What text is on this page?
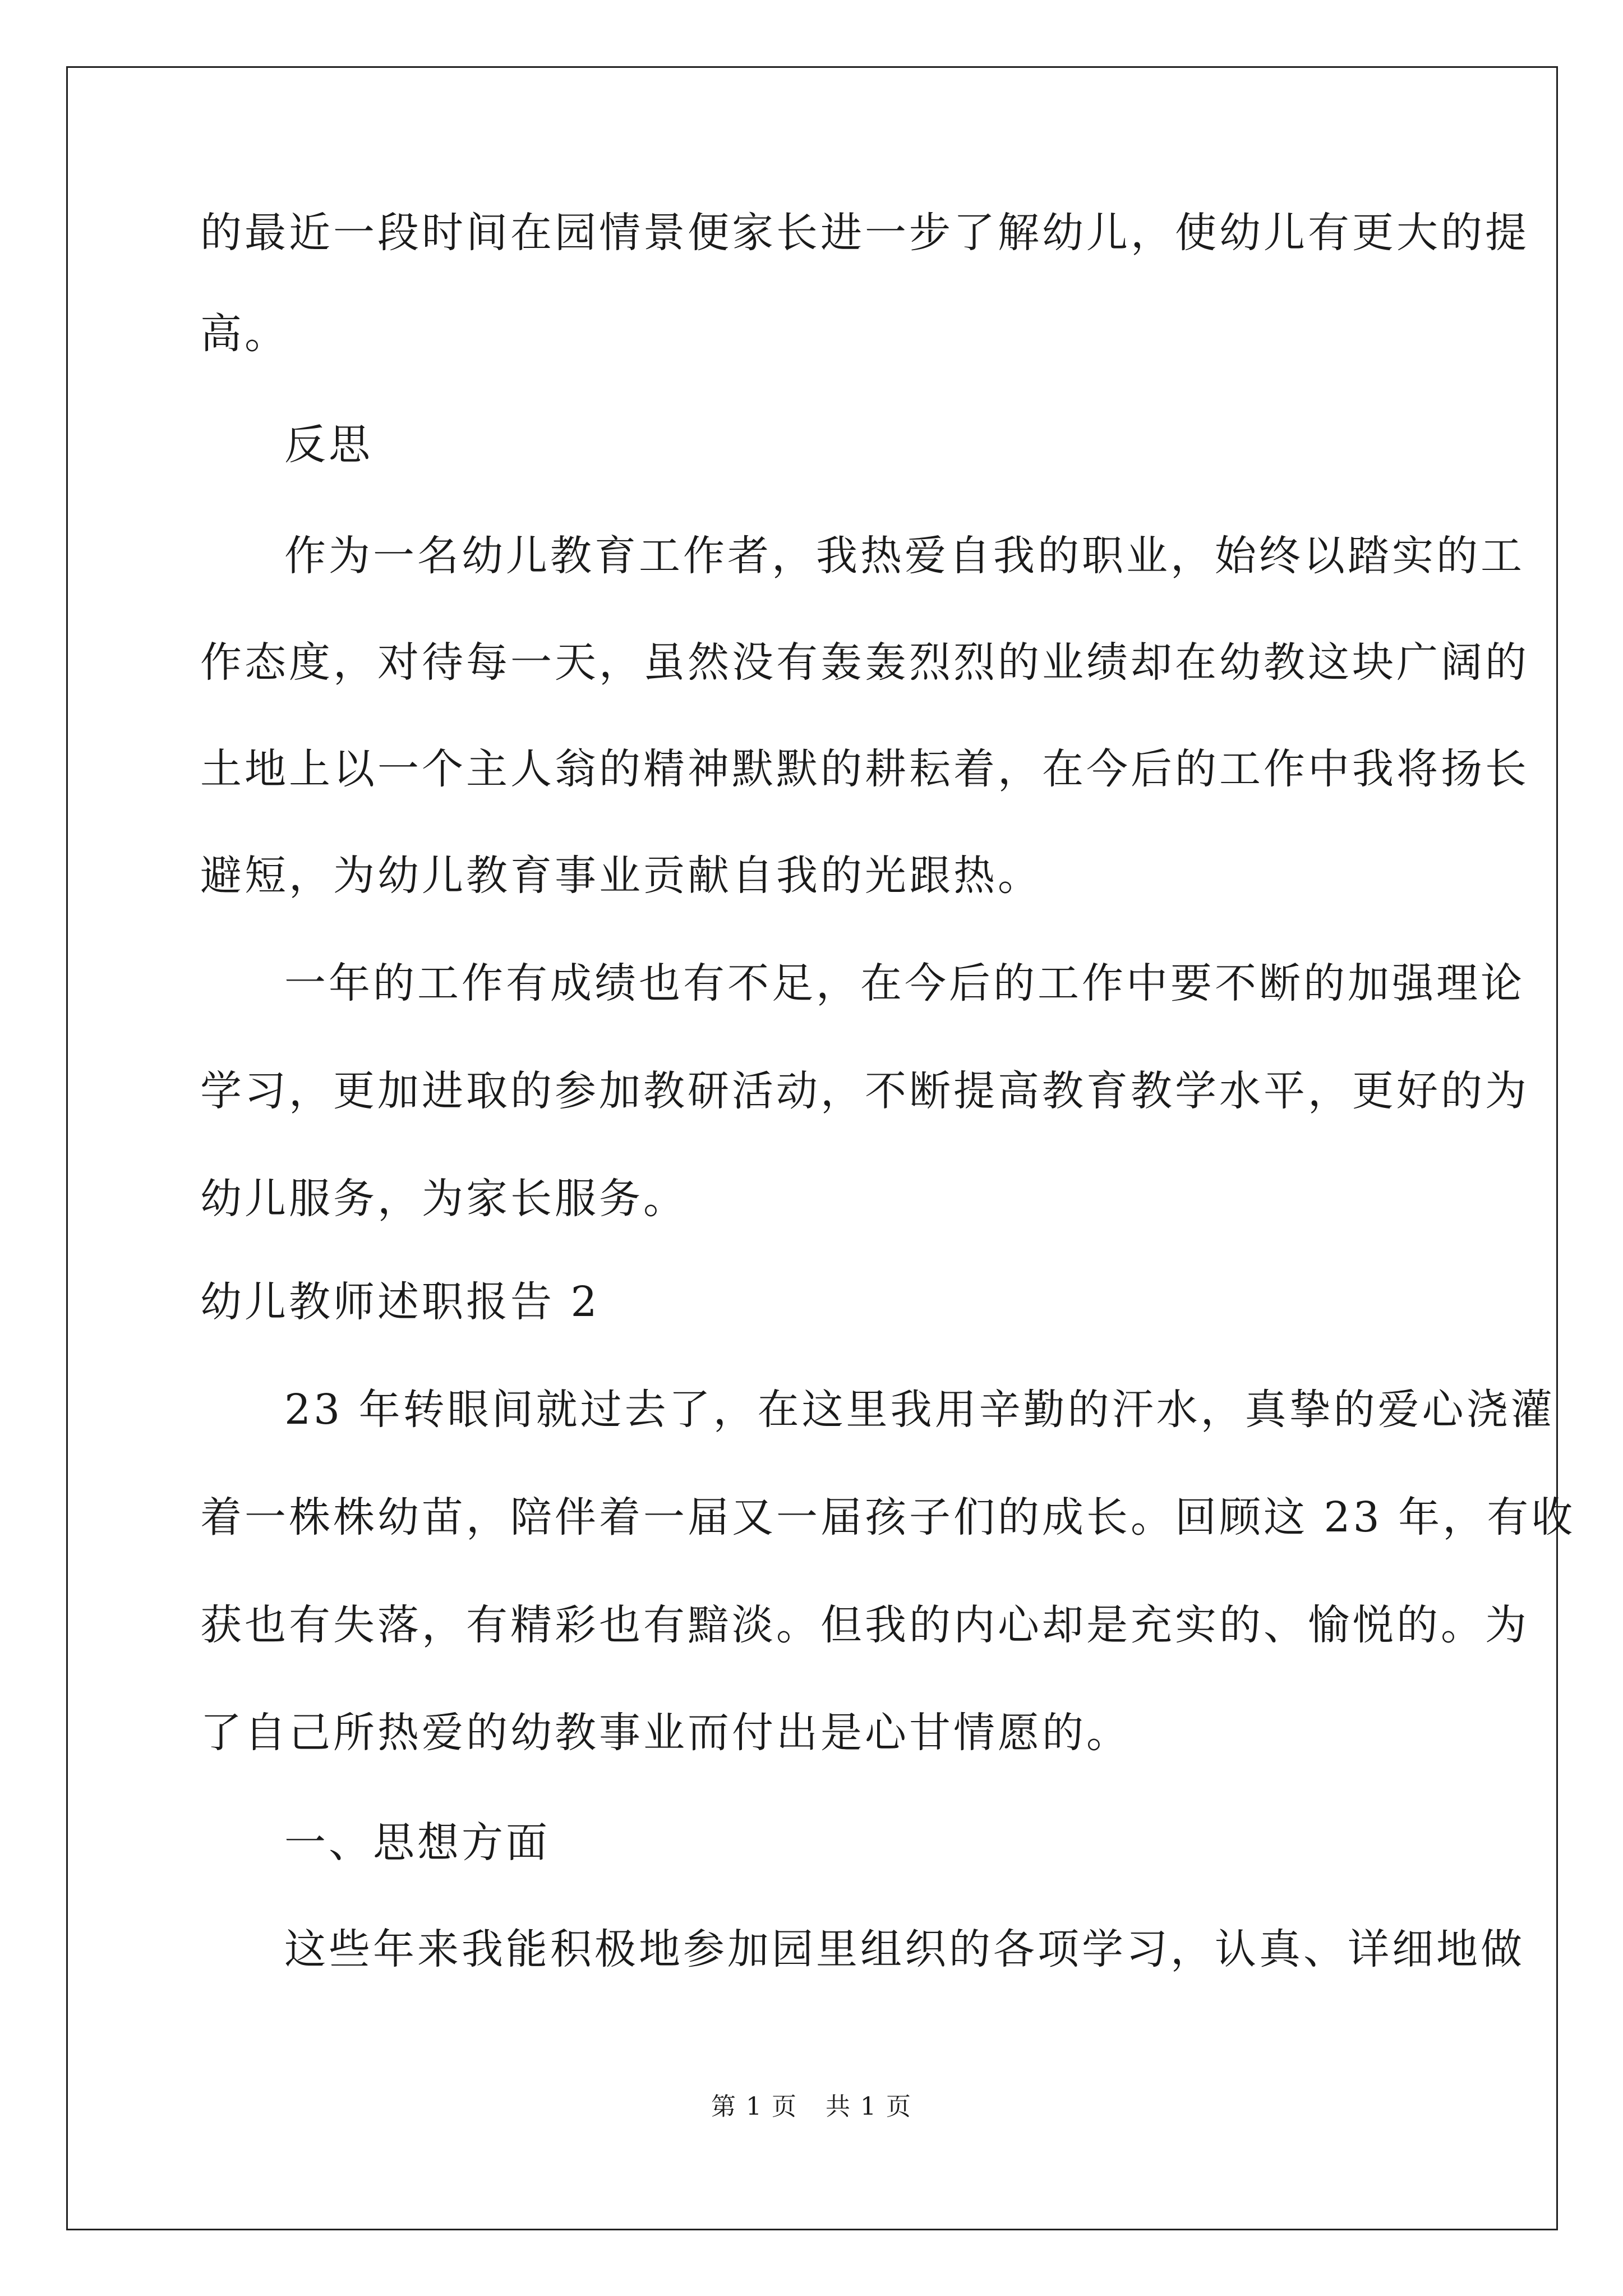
的最近一段时间在园情景便家长进一步了解幼儿，使幼儿有更大的提
高。
反思
作为一名幼儿教育工作者，我热爱自我的职业，始终以踏实的工
作态度，对待每一天，虽然没有轰轰烈烈的业绩却在幼教这块广阔的
土地上以一个主人翁的精神默默的耕耘着，在今后的工作中我将扬长
避短，为幼儿教育事业贡献自我的光跟热。
一年的工作有成绩也有不足，在今后的工作中要不断的加强理论
学习，更加进取的参加教研活动，不断提高教育教学水平，更好的为
幼儿服务，为家长服务。
幼儿教师述职报告 2
23 年转眼间就过去了，在这里我用辛勤的汗水，真挚的爱心浇灌
着一株株幼苗，陪伴着一届又一届孩子们的成长。回顾这 23 年，有收
获也有失落，有精彩也有黯淡。但我的内心却是充实的、愉悦的。为
了自己所热爱的幼教事业而付出是心甘情愿的。
一、思想方面
这些年来我能积极地参加园里组织的各项学习，认真、详细地做
第 1 页 共 1 页
